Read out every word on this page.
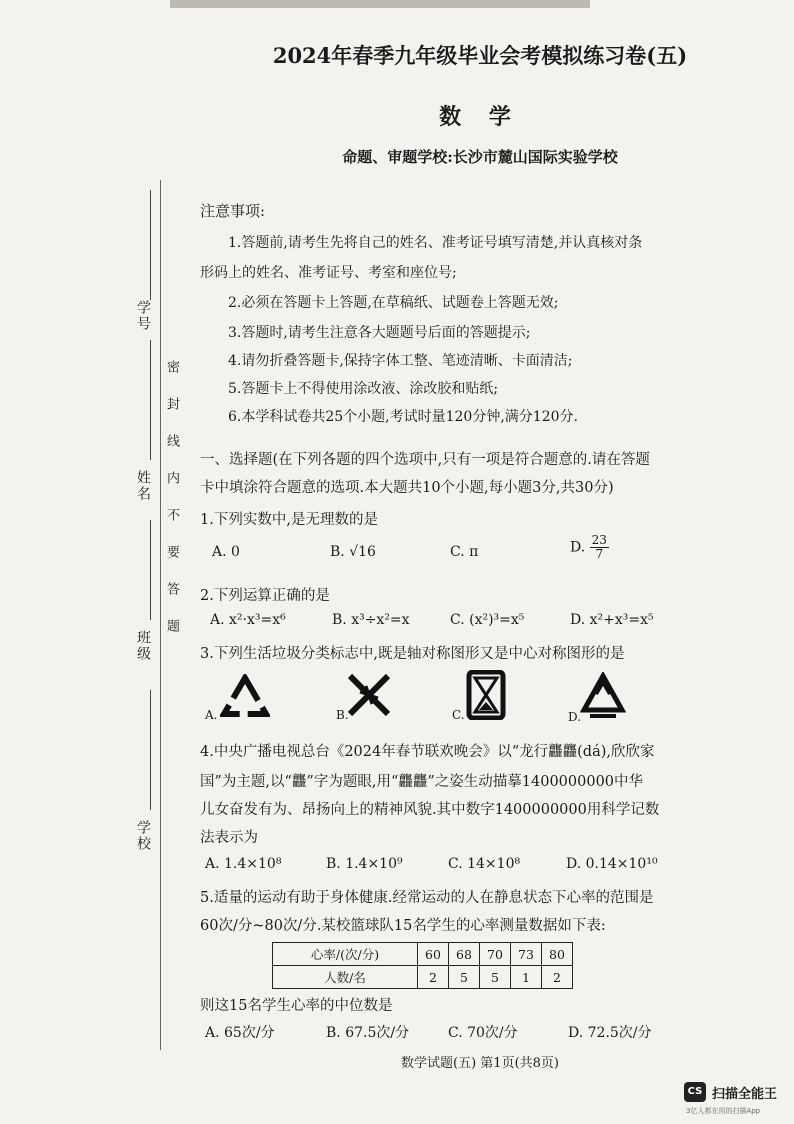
学号
姓名
班级
学校
密封线内不要答题
2024年春季九年级毕业会考模拟练习卷(五)
数 学
命题、审题学校:长沙市麓山国际实验学校
注意事项:
1.答题前,请考生先将自己的姓名、准考证号填写清楚,并认真核对条
形码上的姓名、准考证号、考室和座位号;
2.必须在答题卡上答题,在草稿纸、试题卷上答题无效;
3.答题时,请考生注意各大题题号后面的答题提示;
4.请勿折叠答题卡,保持字体工整、笔迹清晰、卡面清洁;
5.答题卡上不得使用涂改液、涂改胶和贴纸;
6.本学科试卷共25个小题,考试时量120分钟,满分120分.
一、选择题(在下列各题的四个选项中,只有一项是符合题意的.请在答题
卡中填涂符合题意的选项.本大题共10个小题,每小题3分,共30分)
1.下列实数中,是无理数的是
A. 0	B. √16	C. π	D. $\frac{23}{7}$
2.下列运算正确的是
A. x²·x³=x⁶	B. x³÷x²=x	C. (x²)³=x⁵	D. x²+x³=x⁵
3.下列生活垃圾分类标志中,既是轴对称图形又是中心对称图形的是
A.	B.	C.	D.
4.中央广播电视总台《2024年春节联欢晚会》以“龙行龘龘(dá),欣欣家
国”为主题,以“龘”字为题眼,用“龘龘”之姿生动描摹1400000000中华
儿女奋发有为、昂扬向上的精神风貌.其中数字1400000000用科学记数
法表示为
A. 1.4×10⁸	B. 1.4×10⁹	C. 14×10⁸	D. 0.14×10¹⁰
5.适量的运动有助于身体健康.经常运动的人在静息状态下心率的范围是
60次/分~80次/分.某校篮球队15名学生的心率测量数据如下表:
心率/(次/分)	60	68	70	73	80
人数/名	2	5	5	1	2
则这15名学生心率的中位数是
A. 65次/分	B. 67.5次/分	C. 70次/分	D. 72.5次/分
数学试题(五) 第1页(共8页)
CS 扫描全能王
3亿人都在用的扫描App
